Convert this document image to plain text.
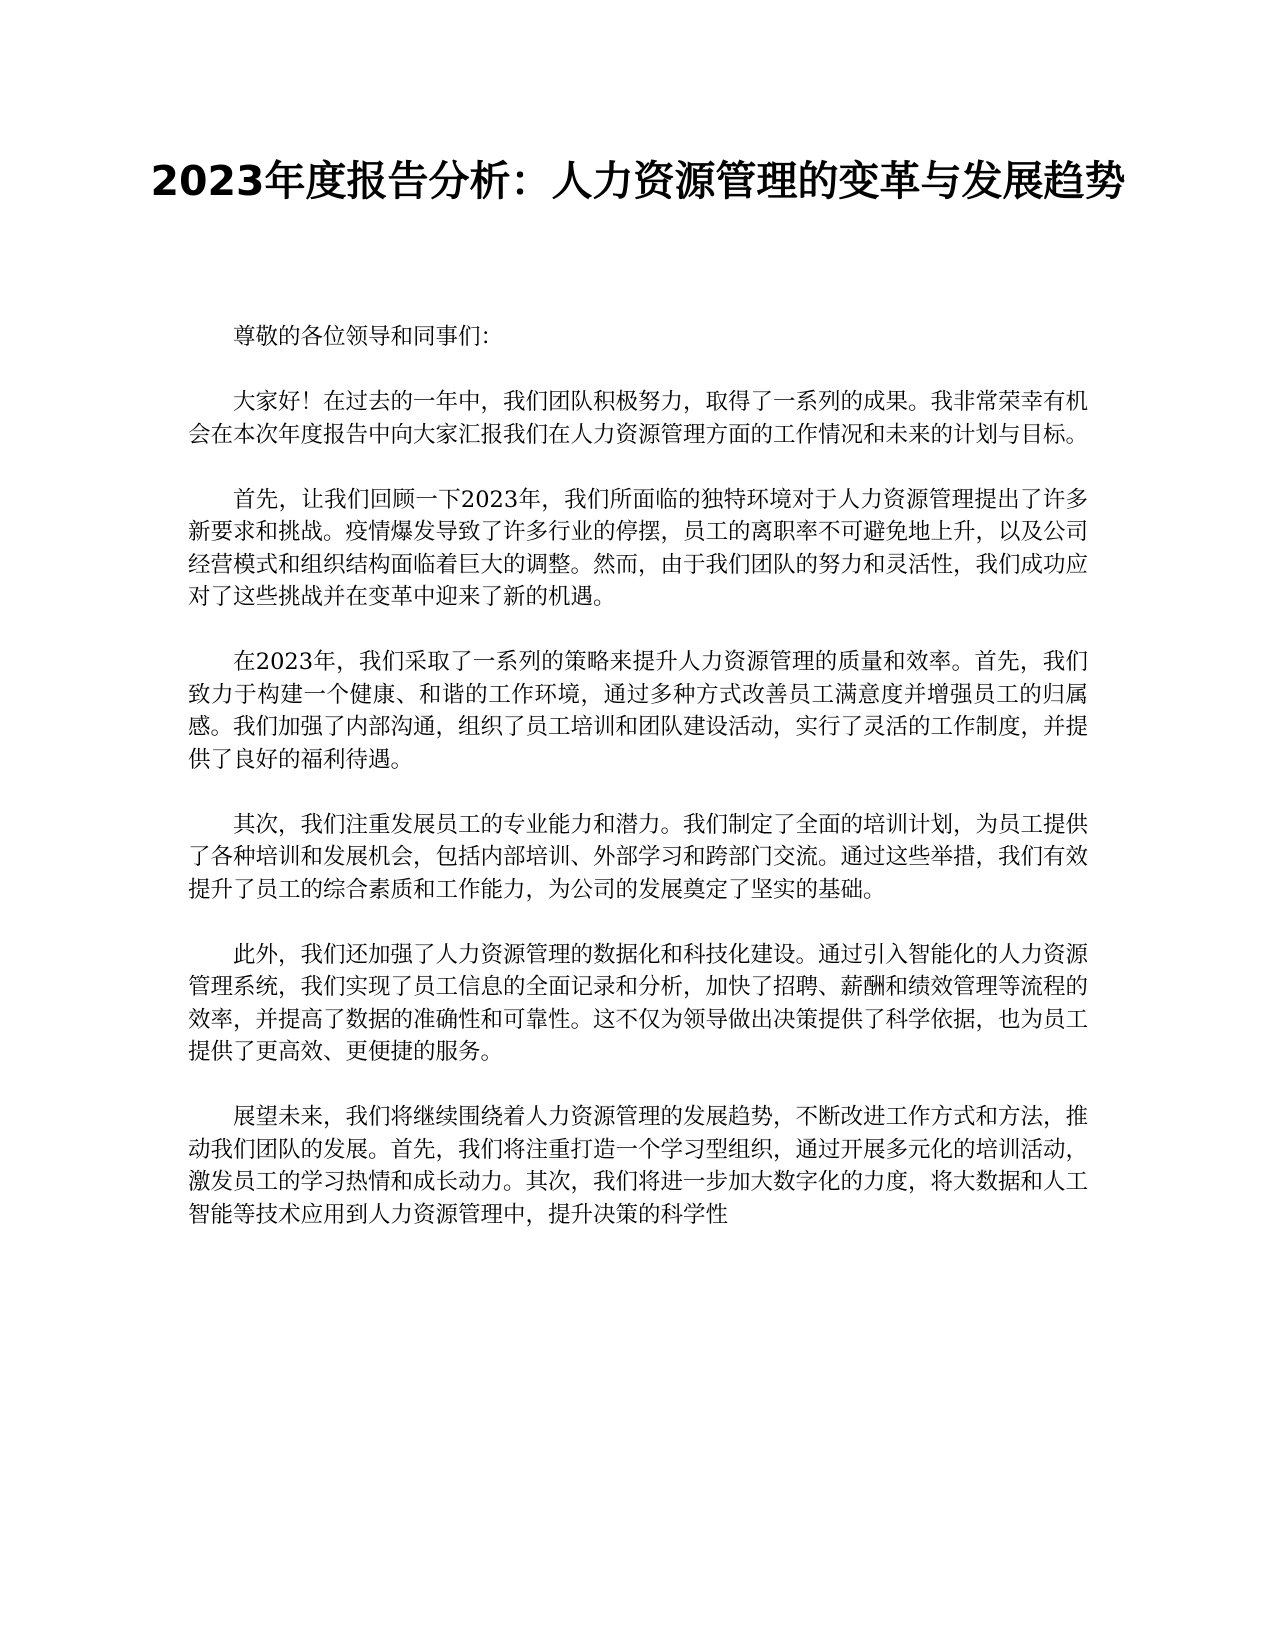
2023年度报告分析：人力资源管理的变革与发展趋势

尊敬的各位领导和同事们：

大家好！在过去的一年中，我们团队积极努力，取得了一系列的成果。我非常荣幸有机会在本次年度报告中向大家汇报我们在人力资源管理方面的工作情况和未来的计划与目标。

首先，让我们回顾一下2023年，我们所面临的独特环境对于人力资源管理提出了许多新要求和挑战。疫情爆发导致了许多行业的停摆，员工的离职率不可避免地上升，以及公司经营模式和组织结构面临着巨大的调整。然而，由于我们团队的努力和灵活性，我们成功应对了这些挑战并在变革中迎来了新的机遇。

在2023年，我们采取了一系列的策略来提升人力资源管理的质量和效率。首先，我们致力于构建一个健康、和谐的工作环境，通过多种方式改善员工满意度并增强员工的归属感。我们加强了内部沟通，组织了员工培训和团队建设活动，实行了灵活的工作制度，并提供了良好的福利待遇。

其次，我们注重发展员工的专业能力和潜力。我们制定了全面的培训计划，为员工提供了各种培训和发展机会，包括内部培训、外部学习和跨部门交流。通过这些举措，我们有效提升了员工的综合素质和工作能力，为公司的发展奠定了坚实的基础。

此外，我们还加强了人力资源管理的数据化和科技化建设。通过引入智能化的人力资源管理系统，我们实现了员工信息的全面记录和分析，加快了招聘、薪酬和绩效管理等流程的效率，并提高了数据的准确性和可靠性。这不仅为领导做出决策提供了科学依据，也为员工提供了更高效、更便捷的服务。

展望未来，我们将继续围绕着人力资源管理的发展趋势，不断改进工作方式和方法，推动我们团队的发展。首先，我们将注重打造一个学习型组织，通过开展多元化的培训活动，激发员工的学习热情和成长动力。其次，我们将进一步加大数字化的力度，将大数据和人工智能等技术应用到人力资源管理中，提升决策的科学性
